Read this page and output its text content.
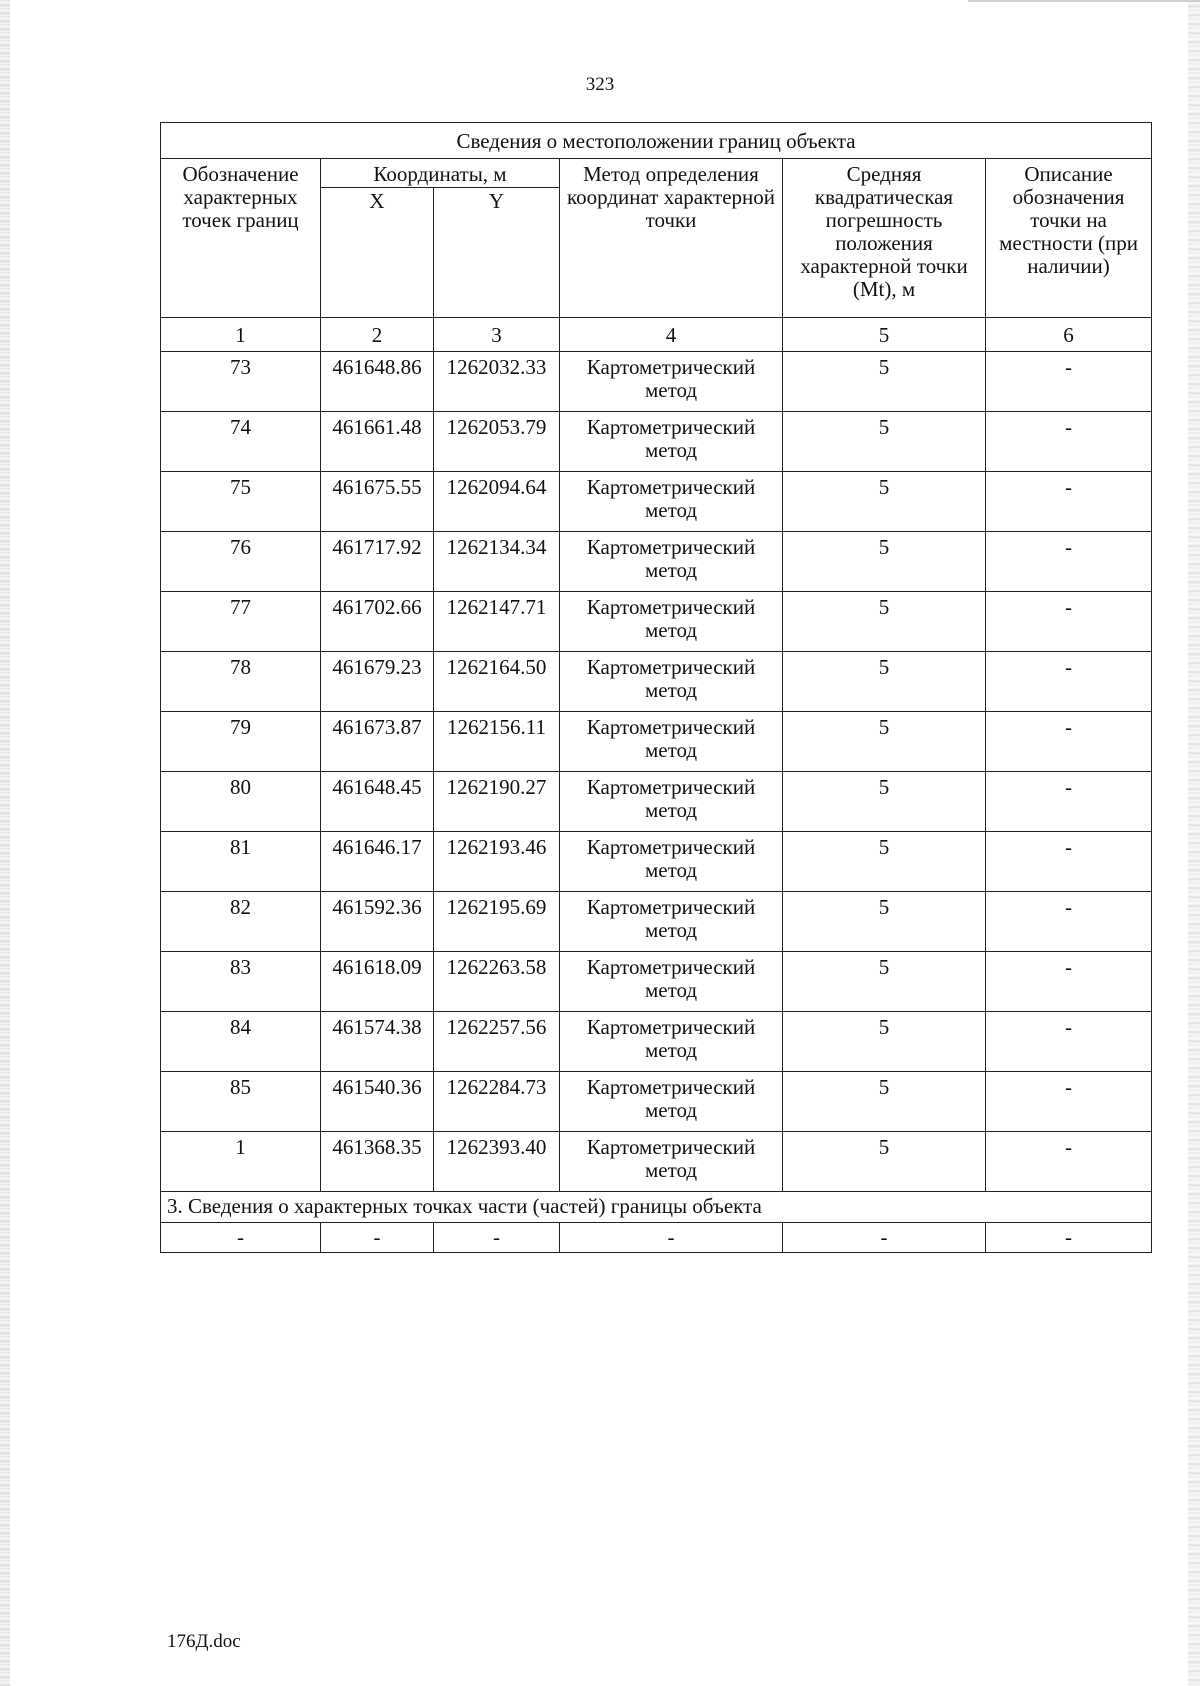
323
Сведения о местоположении границ объекта					
Обозначение характерных точек границ	Координаты, м		Метод определения координат характерной точки	Средняя квадратическая погрешность положения характерной точки (Mt), м	Описание обозначения точки на местности (при наличии)
	X	Y			
1	2	3	4	5	6
73	461648.86	1262032.33	Картометрический метод	5	-
74	461661.48	1262053.79	Картометрический метод	5	-
75	461675.55	1262094.64	Картометрический метод	5	-
76	461717.92	1262134.34	Картометрический метод	5	-
77	461702.66	1262147.71	Картометрический метод	5	-
78	461679.23	1262164.50	Картометрический метод	5	-
79	461673.87	1262156.11	Картометрический метод	5	-
80	461648.45	1262190.27	Картометрический метод	5	-
81	461646.17	1262193.46	Картометрический метод	5	-
82	461592.36	1262195.69	Картометрический метод	5	-
83	461618.09	1262263.58	Картометрический метод	5	-
84	461574.38	1262257.56	Картометрический метод	5	-
85	461540.36	1262284.73	Картометрический метод	5	-
1	461368.35	1262393.40	Картометрический метод	5	-
3. Сведения о характерных точках части (частей) границы объекта					
-	-	-	-	-	-
176Д.doc
